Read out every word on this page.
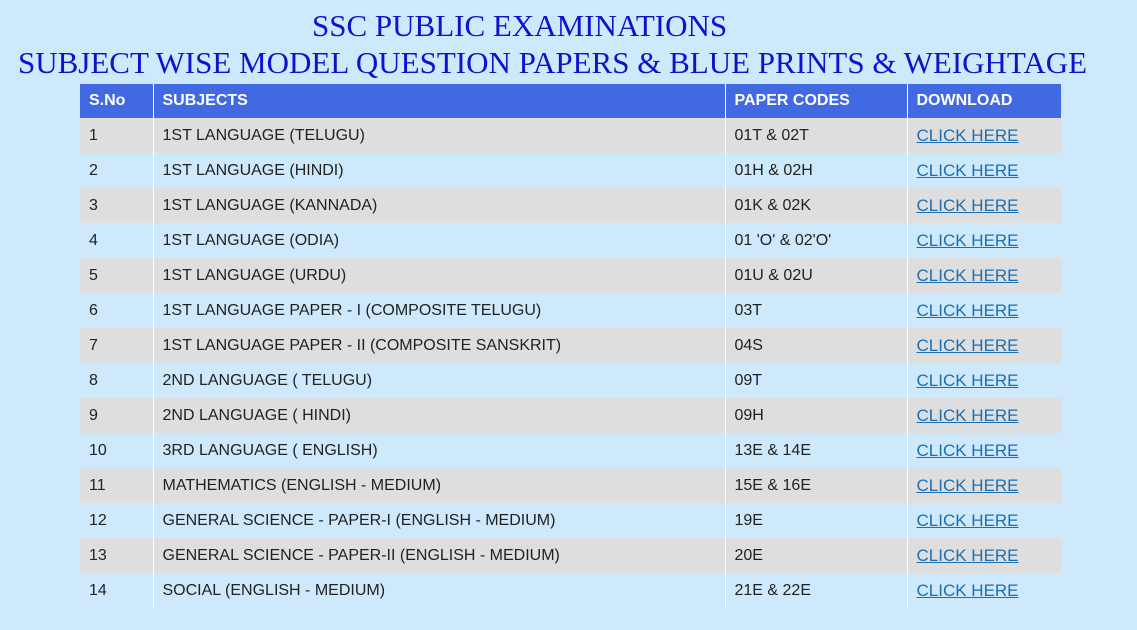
SSC PUBLIC EXAMINATIONS
SUBJECT WISE MODEL QUESTION PAPERS & BLUE PRINTS & WEIGHTAGE
S.No	SUBJECTS	PAPER CODES	DOWNLOAD
1	1ST LANGUAGE (TELUGU)	01T & 02T	CLICK HERE
2	1ST LANGUAGE (HINDI)	01H & 02H	CLICK HERE
3	1ST LANGUAGE (KANNADA)	01K & 02K	CLICK HERE
4	1ST LANGUAGE (ODIA)	01 'O' & 02'O'	CLICK HERE
5	1ST LANGUAGE (URDU)	01U & 02U	CLICK HERE
6	1ST LANGUAGE PAPER - I (COMPOSITE TELUGU)	03T	CLICK HERE
7	1ST LANGUAGE PAPER - II (COMPOSITE SANSKRIT)	04S	CLICK HERE
8	2ND LANGUAGE ( TELUGU)	09T	CLICK HERE
9	2ND LANGUAGE ( HINDI)	09H	CLICK HERE
10	3RD LANGUAGE ( ENGLISH)	13E & 14E	CLICK HERE
11	MATHEMATICS (ENGLISH - MEDIUM)	15E & 16E	CLICK HERE
12	GENERAL SCIENCE - PAPER-I (ENGLISH - MEDIUM)	19E	CLICK HERE
13	GENERAL SCIENCE - PAPER-II (ENGLISH - MEDIUM)	20E	CLICK HERE
14	SOCIAL (ENGLISH - MEDIUM)	21E & 22E	CLICK HERE
